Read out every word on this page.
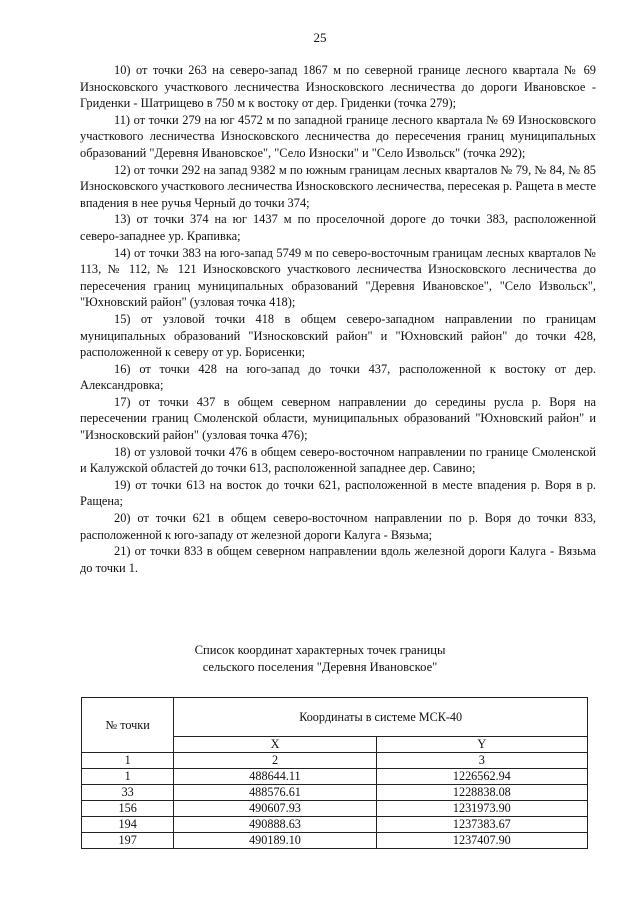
25

10) от точки 263 на северо-запад 1867 м по северной границе лесного квартала № 69 Износковского участкового лесничества Износковского лесничества до дороги Ивановское - Гриденки - Шатрищево в 750 м к востоку от дер. Гриденки (точка 279);

11) от точки 279 на юг 4572 м по западной границе лесного квартала № 69 Износковского участкового лесничества Износковского лесничества до пересечения границ муниципальных образований "Деревня Ивановское", "Село Износки" и "Село Извольск" (точка 292);

12) от точки 292 на запад 9382 м по южным границам лесных кварталов № 79, № 84, № 85 Износковского участкового лесничества Износковского лесничества, пересекая р. Ращета в месте впадения в нее ручья Черный до точки 374;

13) от точки 374 на юг 1437 м по проселочной дороге до точки 383, расположенной северо-западнее ур. Крапивка;

14) от точки 383 на юго-запад 5749 м по северо-восточным границам лесных кварталов № 113, № 112, № 121 Износковского участкового лесничества Износковского лесничества до пересечения границ муниципальных образований "Деревня Ивановское", "Село Извольск", "Юхновский район" (узловая точка 418);

15) от узловой точки 418 в общем северо-западном направлении по границам муниципальных образований "Износковский район" и "Юхновский район" до точки 428, расположенной к северу от ур. Борисенки;

16) от точки 428 на юго-запад до точки 437, расположенной к востоку от дер. Александровка;

17) от точки 437 в общем северном направлении до середины русла р. Воря на пересечении границ Смоленской области, муниципальных образований "Юхновский район" и "Износковский район" (узловая точка 476);

18) от узловой точки 476 в общем северо-восточном направлении по границе Смоленской и Калужской областей до точки 613, расположенной западнее дер. Савино;

19) от точки 613 на восток до точки 621, расположенной в месте впадения р. Воря в р. Ращена;

20) от точки 621 в общем северо-восточном направлении по р. Воря до точки 833, расположенной к юго-западу от железной дороги Калуга - Вязьма;

21) от точки 833 в общем северном направлении вдоль железной дороги Калуга - Вязьма до точки 1.

Список координат характерных точек границы
сельского поселения "Деревня Ивановское"
№ точки	Координаты в системе МСК-40	
	X	Y
1	2	3
1	488644.11	1226562.94
33	488576.61	1228838.08
156	490607.93	1231973.90
194	490888.63	1237383.67
197	490189.10	1237407.90
